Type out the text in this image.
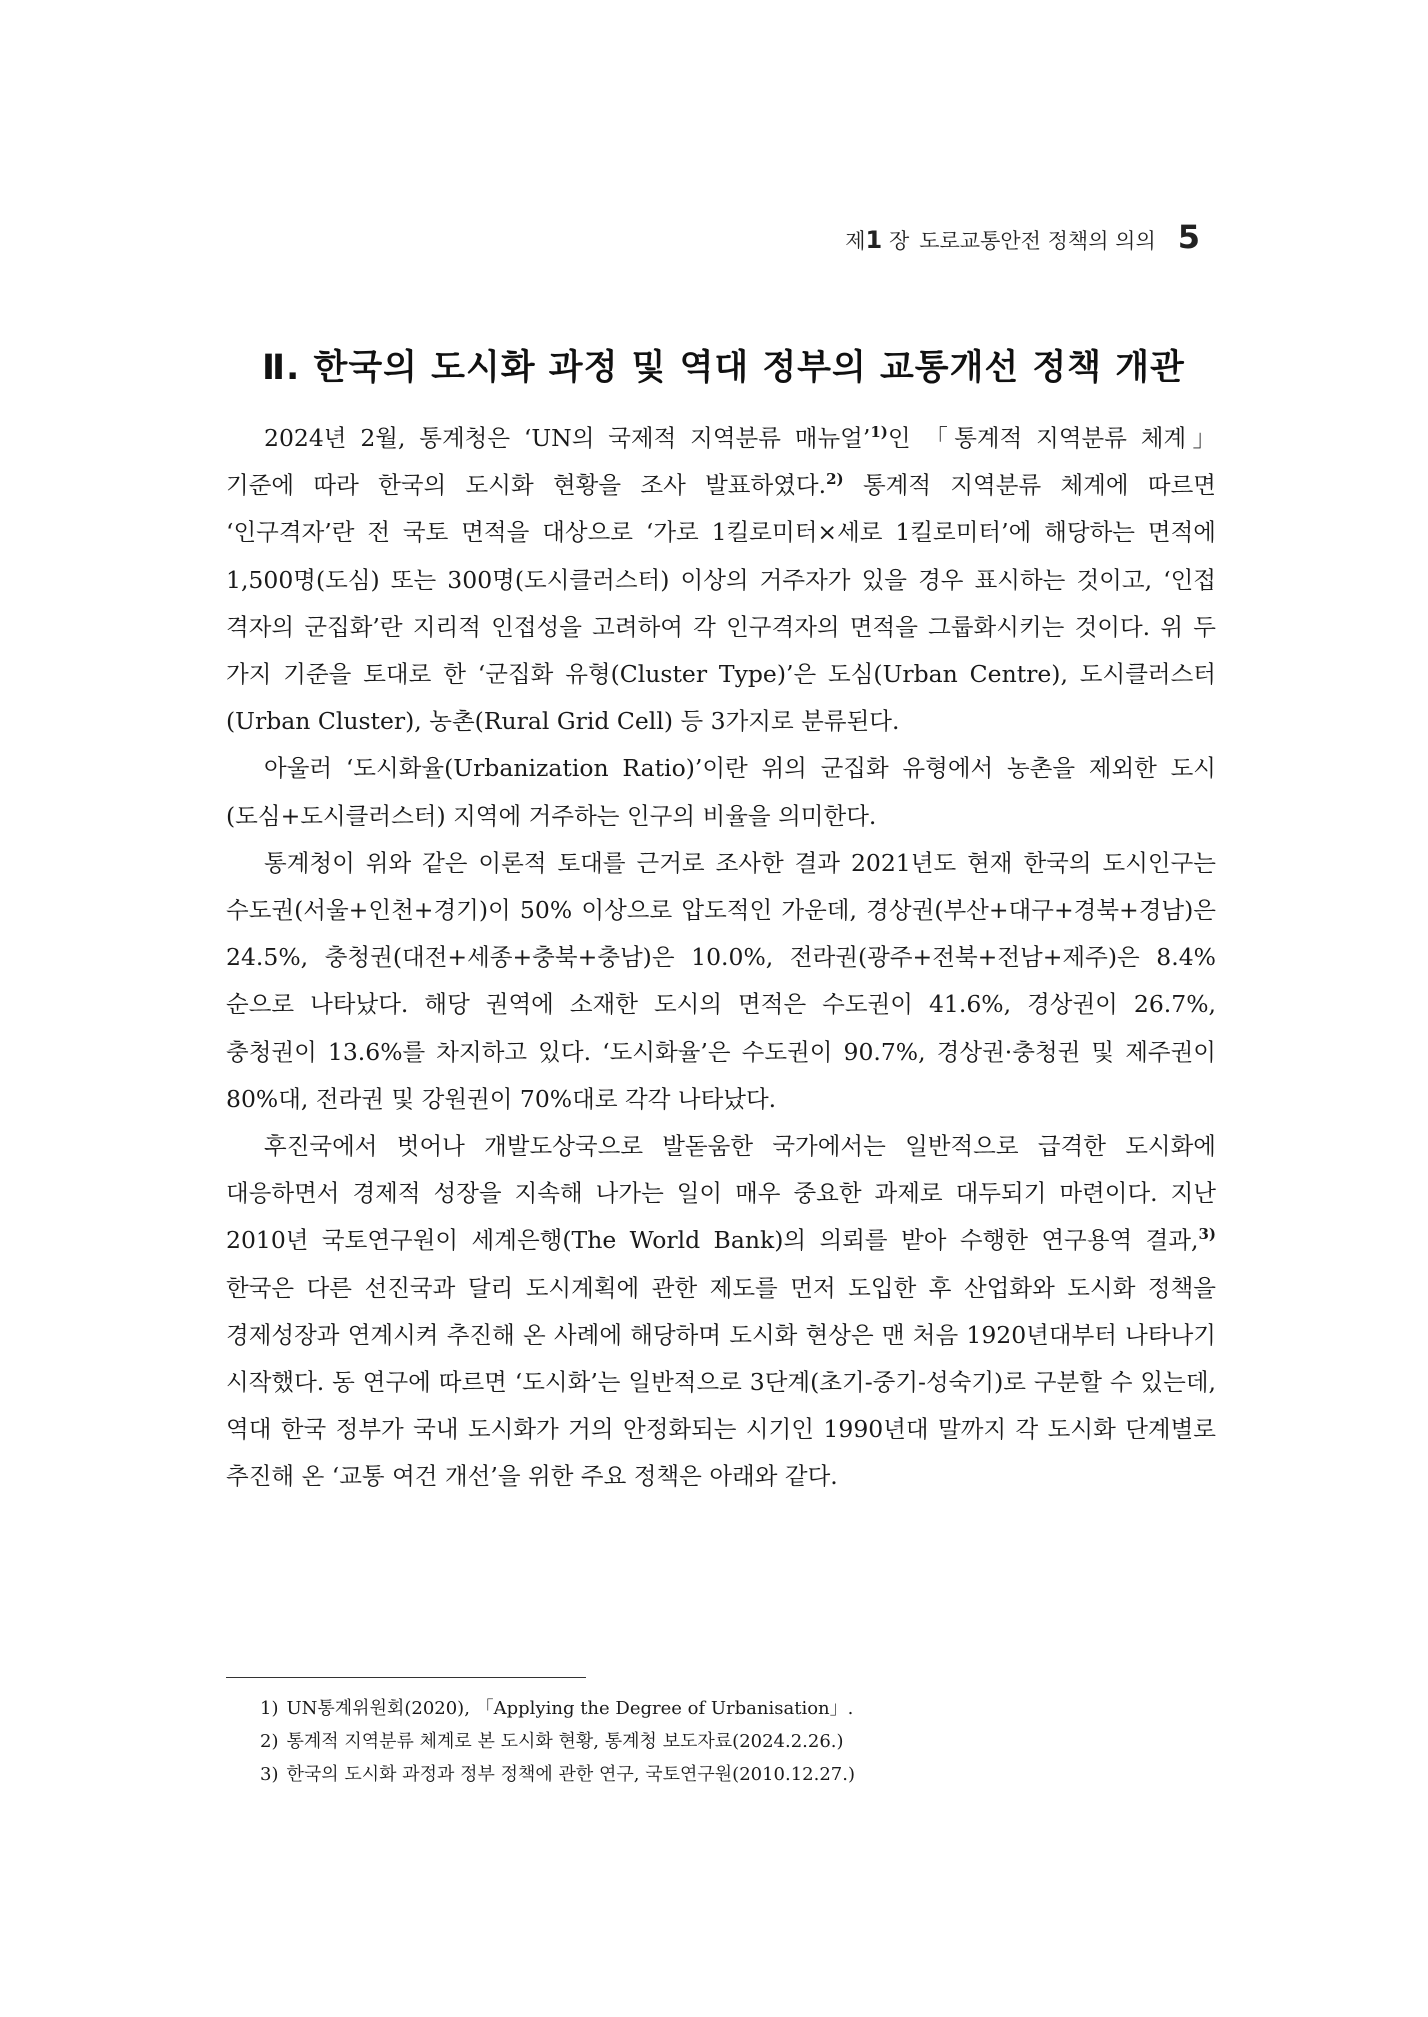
제1 장 도로교통안전 정책의 의의 5
Ⅱ. 한국의 도시화 과정 및 역대 정부의 교통개선 정책 개관

2024년 2월, 통계청은 ‘UN의 국제적 지역분류 매뉴얼’$^{1)}$인 「통계적 지역분류 체계」 기준에 따라 한국의 도시화 현황을 조사 발표하였다.$^{2)}$ 통계적 지역분류 체계에 따르면 ‘인구격자’란 전 국토 면적을 대상으로 ‘가로 1킬로미터×세로 1킬로미터’에 해당하는 면적에 1,500명(도심) 또는 300명(도시클러스터) 이상의 거주자가 있을 경우 표시하는 것이고, ‘인접 격자의 군집화’란 지리적 인접성을 고려하여 각 인구격자의 면적을 그룹화시키는 것이다. 위 두 가지 기준을 토대로 한 ‘군집화 유형(Cluster Type)’은 도심(Urban Centre), 도시클러스터(Urban Cluster), 농촌(Rural Grid Cell) 등 3가지로 분류된다.

아울러 ‘도시화율(Urbanization Ratio)’이란 위의 군집화 유형에서 농촌을 제외한 도시(도심+도시클러스터) 지역에 거주하는 인구의 비율을 의미한다.

통계청이 위와 같은 이론적 토대를 근거로 조사한 결과 2021년도 현재 한국의 도시인구는 수도권(서울+인천+경기)이 50% 이상으로 압도적인 가운데, 경상권(부산+대구+경북+경남)은 24.5%, 충청권(대전+세종+충북+충남)은 10.0%, 전라권(광주+전북+전남+제주)은 8.4% 순으로 나타났다. 해당 권역에 소재한 도시의 면적은 수도권이 41.6%, 경상권이 26.7%, 충청권이 13.6%를 차지하고 있다. ‘도시화율’은 수도권이 90.7%, 경상권·충청권 및 제주권이 80%대, 전라권 및 강원권이 70%대로 각각 나타났다.

후진국에서 벗어나 개발도상국으로 발돋움한 국가에서는 일반적으로 급격한 도시화에 대응하면서 경제적 성장을 지속해 나가는 일이 매우 중요한 과제로 대두되기 마련이다. 지난 2010년 국토연구원이 세계은행(The World Bank)의 의뢰를 받아 수행한 연구용역 결과,$^{3)}$ 한국은 다른 선진국과 달리 도시계획에 관한 제도를 먼저 도입한 후 산업화와 도시화 정책을 경제성장과 연계시켜 추진해 온 사례에 해당하며 도시화 현상은 맨 처음 1920년대부터 나타나기 시작했다. 동 연구에 따르면 ‘도시화’는 일반적으로 3단계(초기-중기-성숙기)로 구분할 수 있는데, 역대 한국 정부가 국내 도시화가 거의 안정화되는 시기인 1990년대 말까지 각 도시화 단계별로 추진해 온 ‘교통 여건 개선’을 위한 주요 정책은 아래와 같다.

1) UN통계위원회(2020), 「Applying the Degree of Urbanisation」.
2) 통계적 지역분류 체계로 본 도시화 현황, 통계청 보도자료(2024.2.26.)
3) 한국의 도시화 과정과 정부 정책에 관한 연구, 국토연구원(2010.12.27.)
